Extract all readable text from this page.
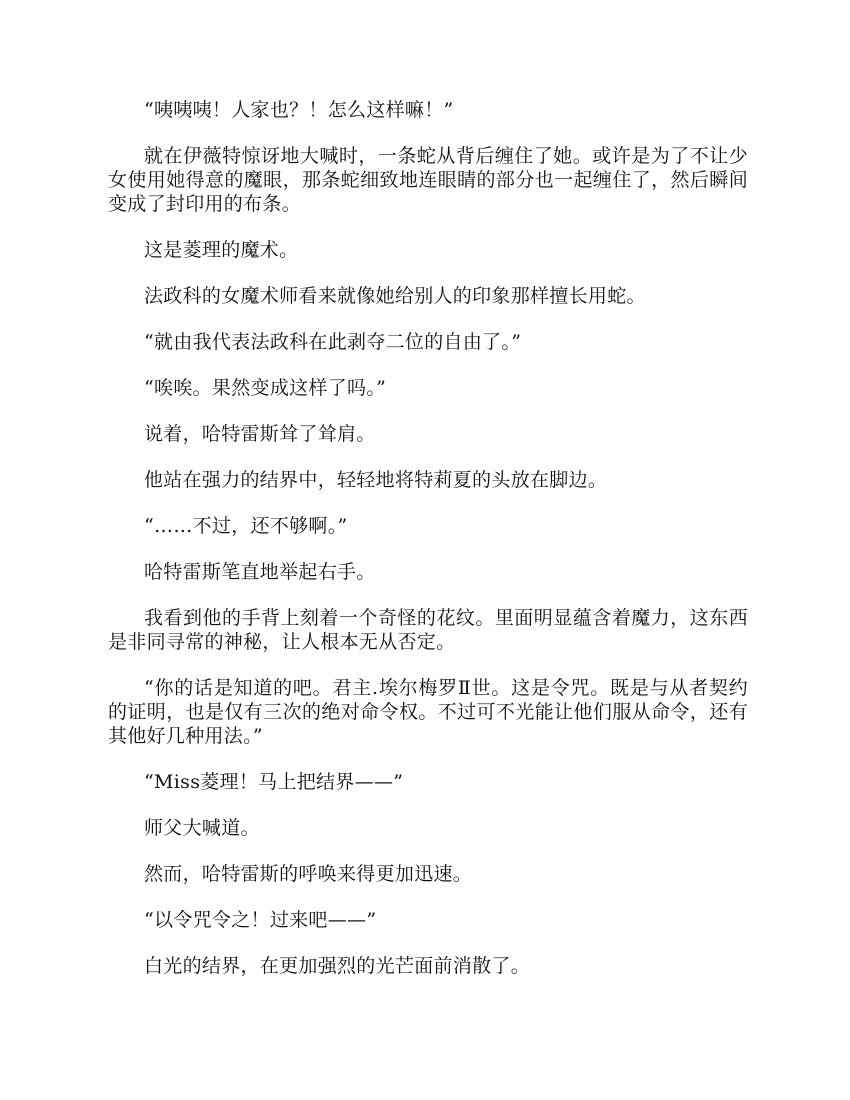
“咦咦咦！人家也？！怎么这样嘛！”

就在伊薇特惊讶地大喊时，一条蛇从背后缠住了她。或许是为了不让少女使用她得意的魔眼，那条蛇细致地连眼睛的部分也一起缠住了，然后瞬间变成了封印用的布条。

这是菱理的魔术。

法政科的女魔术师看来就像她给别人的印象那样擅长用蛇。

“就由我代表法政科在此剥夺二位的自由了。”

“唉唉。果然变成这样了吗。”

说着，哈特雷斯耸了耸肩。

他站在强力的结界中，轻轻地将特莉夏的头放在脚边。

“……不过，还不够啊。”

哈特雷斯笔直地举起右手。

我看到他的手背上刻着一个奇怪的花纹。里面明显蕴含着魔力，这东西是非同寻常的神秘，让人根本无从否定。

“你的话是知道的吧。君主.埃尔梅罗Ⅱ世。这是令咒。既是与从者契约的证明，也是仅有三次的绝对命令权。不过可不光能让他们服从命令，还有其他好几种用法。”

“Miss菱理！马上把结界——”

师父大喊道。

然而，哈特雷斯的呼唤来得更加迅速。

“以令咒令之！过来吧——”

白光的结界，在更加强烈的光芒面前消散了。
